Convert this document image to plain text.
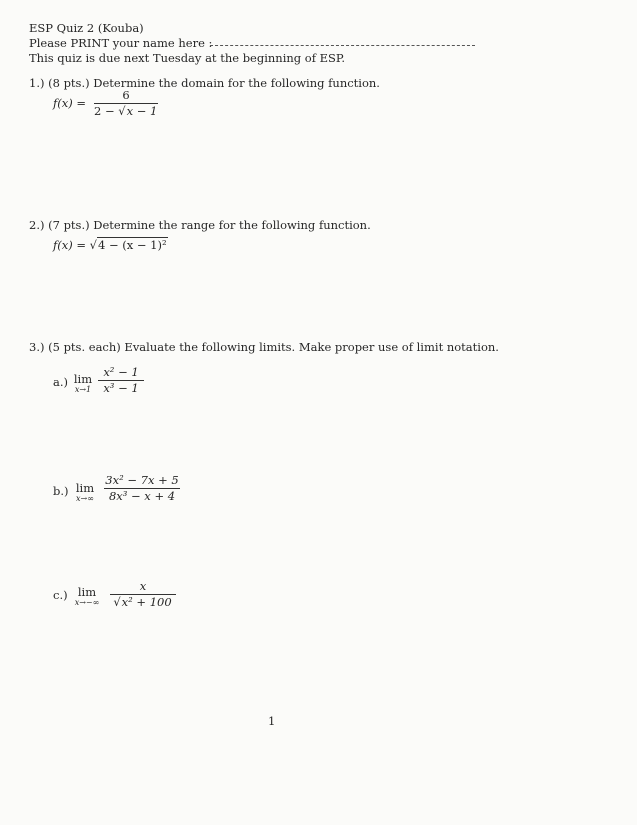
ESP Quiz 2 (Kouba)
Please PRINT your name here :
This quiz is due next Tuesday at the beginning of ESP.
1.) (8 pts.) Determine the domain for the following function.
f(x) =
6
2 − √x − 1
2.) (7 pts.) Determine the range for the following function.
f(x) = √4 − (x − 1)²
3.) (5 pts. each) Evaluate the following limits. Make proper use of limit notation.
a.) lim
x→1
x² − 1
x³ − 1
b.) lim
x→∞
3x² − 7x + 5
8x³ − x + 4
c.) lim
x→−∞
x
√x² + 100
1
